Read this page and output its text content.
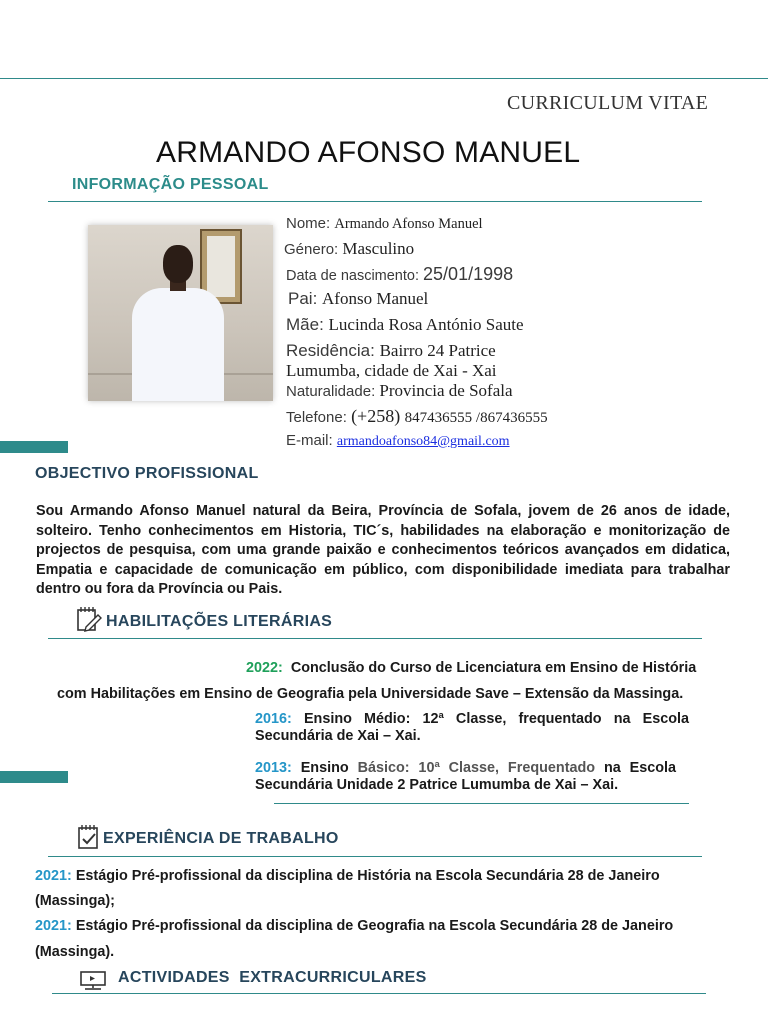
CURRICULUM VITAE
ARMANDO AFONSO MANUEL
INFORMAÇÃO PESSOAL
Nome: Armando Afonso Manuel
Género: Masculino
Data de nascimento: 25/01/1998
Pai: Afonso Manuel
Mãe: Lucinda Rosa António Saute
Residência: Bairro 24 Patrice
Lumumba, cidade de Xai - Xai
Naturalidade: Provincia de Sofala
Telefone: (+258) 847436555 /867436555
E-mail: armandoafonso84@gmail.com
OBJECTIVO PROFISSIONAL
Sou Armando Afonso Manuel natural da Beira, Província de Sofala, jovem de 26 anos de idade, solteiro. Tenho conhecimentos em Historia, TIC´s, habilidades na elaboração e monitorização de projectos de pesquisa, com uma grande paixão e conhecimentos teóricos avançados em didatica, Empatia e capacidade de comunicação em público, com disponibilidade imediata para trabalhar dentro ou fora da Província ou Pais.
HABILITAÇÕES LITERÁRIAS
2022: Conclusão do Curso de Licenciatura em Ensino de História
com Habilitações em Ensino de Geografia pela Universidade Save – Extensão da Massinga.
2016: Ensino Médio: 12ª Classe, frequentado na Escola
Secundária de Xai – Xai.
2013: Ensino Básico: 10ª Classe, Frequentado na Escola
Secundária Unidade 2 Patrice Lumumba de Xai – Xai.
EXPERIÊNCIA DE TRABALHO
2021: Estágio Pré-profissional da disciplina de História na Escola Secundária 28 de Janeiro
(Massinga);
2021: Estágio Pré-profissional da disciplina de Geografia na Escola Secundária 28 de Janeiro
(Massinga).
ACTIVIDADES  EXTRACURRICULARES
